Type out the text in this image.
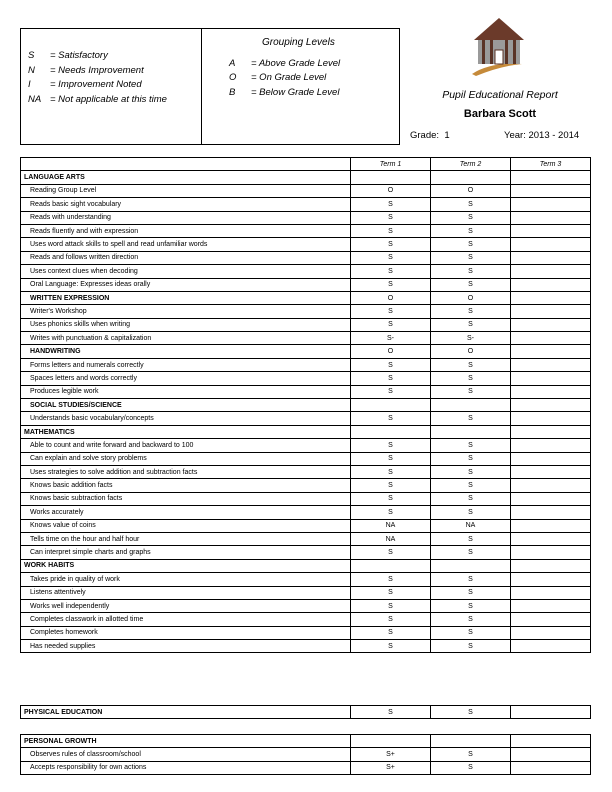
S = Satisfactory
N = Needs Improvement
I = Improvement Noted
NA = Not applicable at this time
Grouping Levels
A = Above Grade Level
O = On Grade Level
B = Below Grade Level	Pupil Educational Report
Barbara Scott
Grade: 1	Year: 2013 - 2014
	Term 1	Term 2	Term 3
LANGUAGE ARTS			
Reading Group Level	O	O	
Reads basic sight vocabulary	S	S	
Reads with understanding	S	S	
Reads fluently and with expression	S	S	
Uses word attack skills to spell and read unfamiliar words	S	S	
Reads and follows written direction	S	S	
Uses context clues when decoding	S	S	
Oral Language: Expresses ideas orally	S	S	
WRITTEN EXPRESSION	O	O	
Writer's Workshop	S	S	
Uses phonics skills when writing	S	S	
Writes with punctuation & capitalization	S-	S-	
HANDWRITING	O	O	
Forms letters and numerals correctly	S	S	
Spaces letters and words correctly	S	S	
Produces legible work	S	S	
SOCIAL STUDIES/SCIENCE			
Understands basic vocabulary/concepts	S	S	
MATHEMATICS			
Able to count and write forward and backward to 100	S	S	
Can explain and solve story problems	S	S	
Uses strategies to solve addition and subtraction facts	S	S	
Knows basic addition facts	S	S	
Knows basic subtraction facts	S	S	
Works accurately	S	S	
Knows value of coins	NA	NA	
Tells time on the hour and half hour	NA	S	
Can interpret simple charts and graphs	S	S	
WORK HABITS			
Takes pride in quality of work	S	S	
Listens attentively	S	S	
Works well independently	S	S	
Completes classwork in allotted time	S	S	
Completes homework	S	S	
Has needed supplies	S	S	
PHYSICAL EDUCATION	S	S	
PERSONAL GROWTH			
Observes rules of classroom/school	S+	S	
Accepts responsibility for own actions	S+	S	
